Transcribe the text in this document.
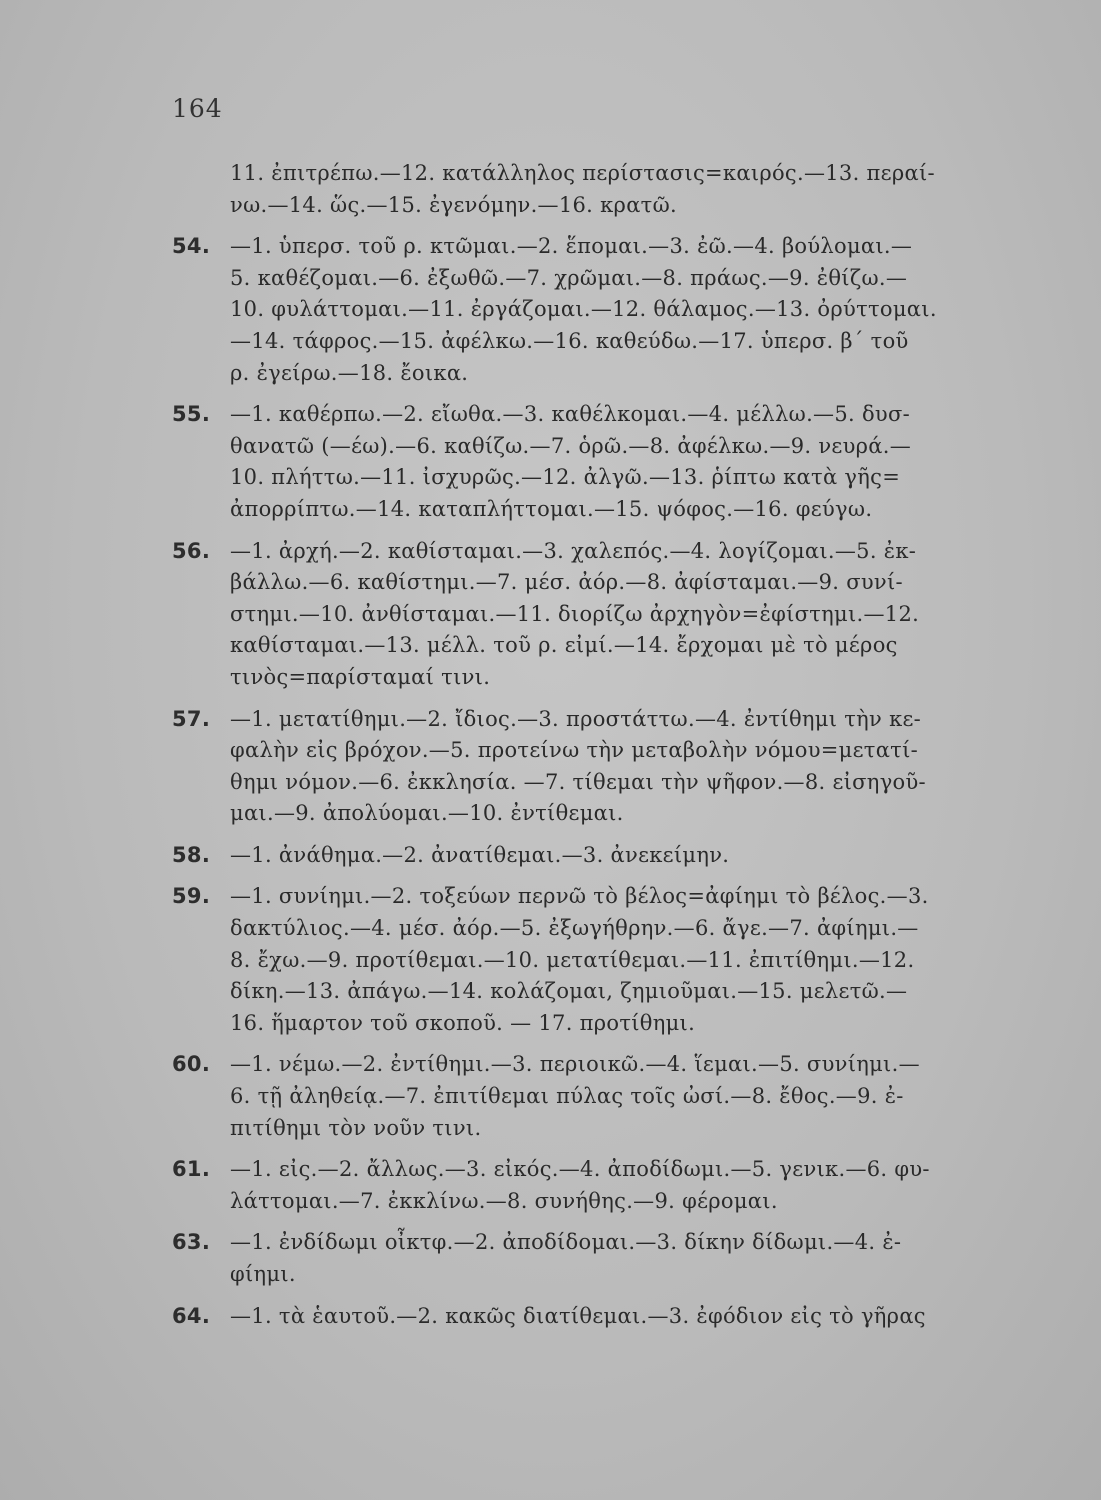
164
11. ἐπιτρέπω.—12. κατάλληλος περίστασις=καιρός.—13. περαί-
νω.—14. ὥς.—15. ἐγενόμην.—16. κρατῶ.
54. —1. ὑπερσ. τοῦ ρ. κτῶμαι.—2. ἕπομαι.—3. ἐῶ.—4. βούλομαι.—
5. καθέζομαι.—6. ἐξωθῶ.—7. χρῶμαι.—8. πράως.—9. ἐθίζω.—
10. φυλάττομαι.—11. ἐργάζομαι.—12. θάλαμος.—13. ὀρύττομαι.
—14. τάφρος.—15. ἀφέλκω.—16. καθεύδω.—17. ὑπερσ. β΄ τοῦ
ρ. ἐγείρω.—18. ἔοικα.
55. —1. καθέρπω.—2. εἴωθα.—3. καθέλκομαι.—4. μέλλω.—5. δυσ-
θανατῶ (—έω).—6. καθίζω.—7. ὁρῶ.—8. ἀφέλκω.—9. νευρά.—
10. πλήττω.—11. ἰσχυρῶς.—12. ἀλγῶ.—13. ῥίπτω κατὰ γῆς=
ἀπορρίπτω.—14. καταπλήττομαι.—15. ψόφος.—16. φεύγω.
56. —1. ἀρχή.—2. καθίσταμαι.—3. χαλεπός.—4. λογίζομαι.—5. ἐκ-
βάλλω.—6. καθίστημι.—7. μέσ. ἀόρ.—8. ἀφίσταμαι.—9. συνί-
στημι.—10. ἀνθίσταμαι.—11. διορίζω ἀρχηγὸν=ἐφίστημι.—12.
καθίσταμαι.—13. μέλλ. τοῦ ρ. εἰμί.—14. ἔρχομαι μὲ τὸ μέρος
τινὸς=παρίσταμαί τινι.
57. —1. μετατίθημι.—2. ἴδιος.—3. προστάττω.—4. ἐντίθημι τὴν κε-
φαλὴν εἰς βρόχον.—5. προτείνω τὴν μεταβολὴν νόμου=μετατί-
θημι νόμον.—6. ἐκκλησία. —7. τίθεμαι τὴν ψῆφον.—8. εἰσηγοῦ-
μαι.—9. ἀπολύομαι.—10. ἐντίθεμαι.
58. —1. ἀνάθημα.—2. ἀνατίθεμαι.—3. ἀνεκείμην.
59. —1. συνίημι.—2. τοξεύων περνῶ τὸ βέλος=ἀφίημι τὸ βέλος.—3.
δακτύλιος.—4. μέσ. ἀόρ.—5. ἐξωγήθρην.—6. ἄγε.—7. ἀφίημι.—
8. ἔχω.—9. προτίθεμαι.—10. μετατίθεμαι.—11. ἐπιτίθημι.—12.
δίκη.—13. ἀπάγω.—14. κολάζομαι, ζημιοῦμαι.—15. μελετῶ.—
16. ἥμαρτον τοῦ σκοποῦ. — 17. προτίθημι.
60. —1. νέμω.—2. ἐντίθημι.—3. περιοικῶ.—4. ἵεμαι.—5. συνίημι.—
6. τῇ ἀληθείᾳ.—7. ἐπιτίθεμαι πύλας τοῖς ὠσί.—8. ἔθος.—9. ἐ-
πιτίθημι τὸν νοῦν τινι.
61. —1. εἰς.—2. ἄλλως.—3. εἰκός.—4. ἀποδίδωμι.—5. γενικ.—6. φυ-
λάττομαι.—7. ἐκκλίνω.—8. συνήθης.—9. φέρομαι.
63. —1. ἐνδίδωμι οἶκτφ.—2. ἀποδίδομαι.—3. δίκην δίδωμι.—4. ἐ-
φίημι.
64. —1. τὰ ἑαυτοῦ.—2. κακῶς διατίθεμαι.—3. ἐφόδιον εἰς τὸ γῆρας
